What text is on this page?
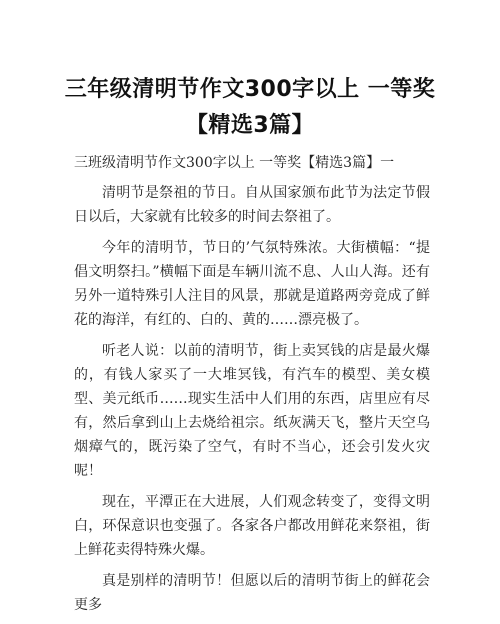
三年级清明节作文300字以上 一等奖【精选3篇】

三班级清明节作文300字以上 一等奖【精选3篇】一

清明节是祭祖的节日。自从国家颁布此节为法定节假日以后，大家就有比较多的时间去祭祖了。

今年的清明节，节日的’气氛特殊浓。大街横幅：“提倡文明祭扫。”横幅下面是车辆川流不息、人山人海。还有另外一道特殊引人注目的风景，那就是道路两旁竞成了鲜花的海洋，有红的、白的、黄的……漂亮极了。

听老人说：以前的清明节，街上卖冥钱的店是最火爆的，有钱人家买了一大堆冥钱，有汽车的模型、美女模型、美元纸币……现实生活中人们用的东西，店里应有尽有，然后拿到山上去烧给祖宗。纸灰满天飞，整片天空乌烟瘴气的，既污染了空气，有时不当心，还会引发火灾呢！

现在，平潭正在大进展，人们观念转变了，变得文明白，环保意识也变强了。各家各户都改用鲜花来祭祖，街上鲜花卖得特殊火爆。

真是别样的清明节！但愿以后的清明节街上的鲜花会更多
